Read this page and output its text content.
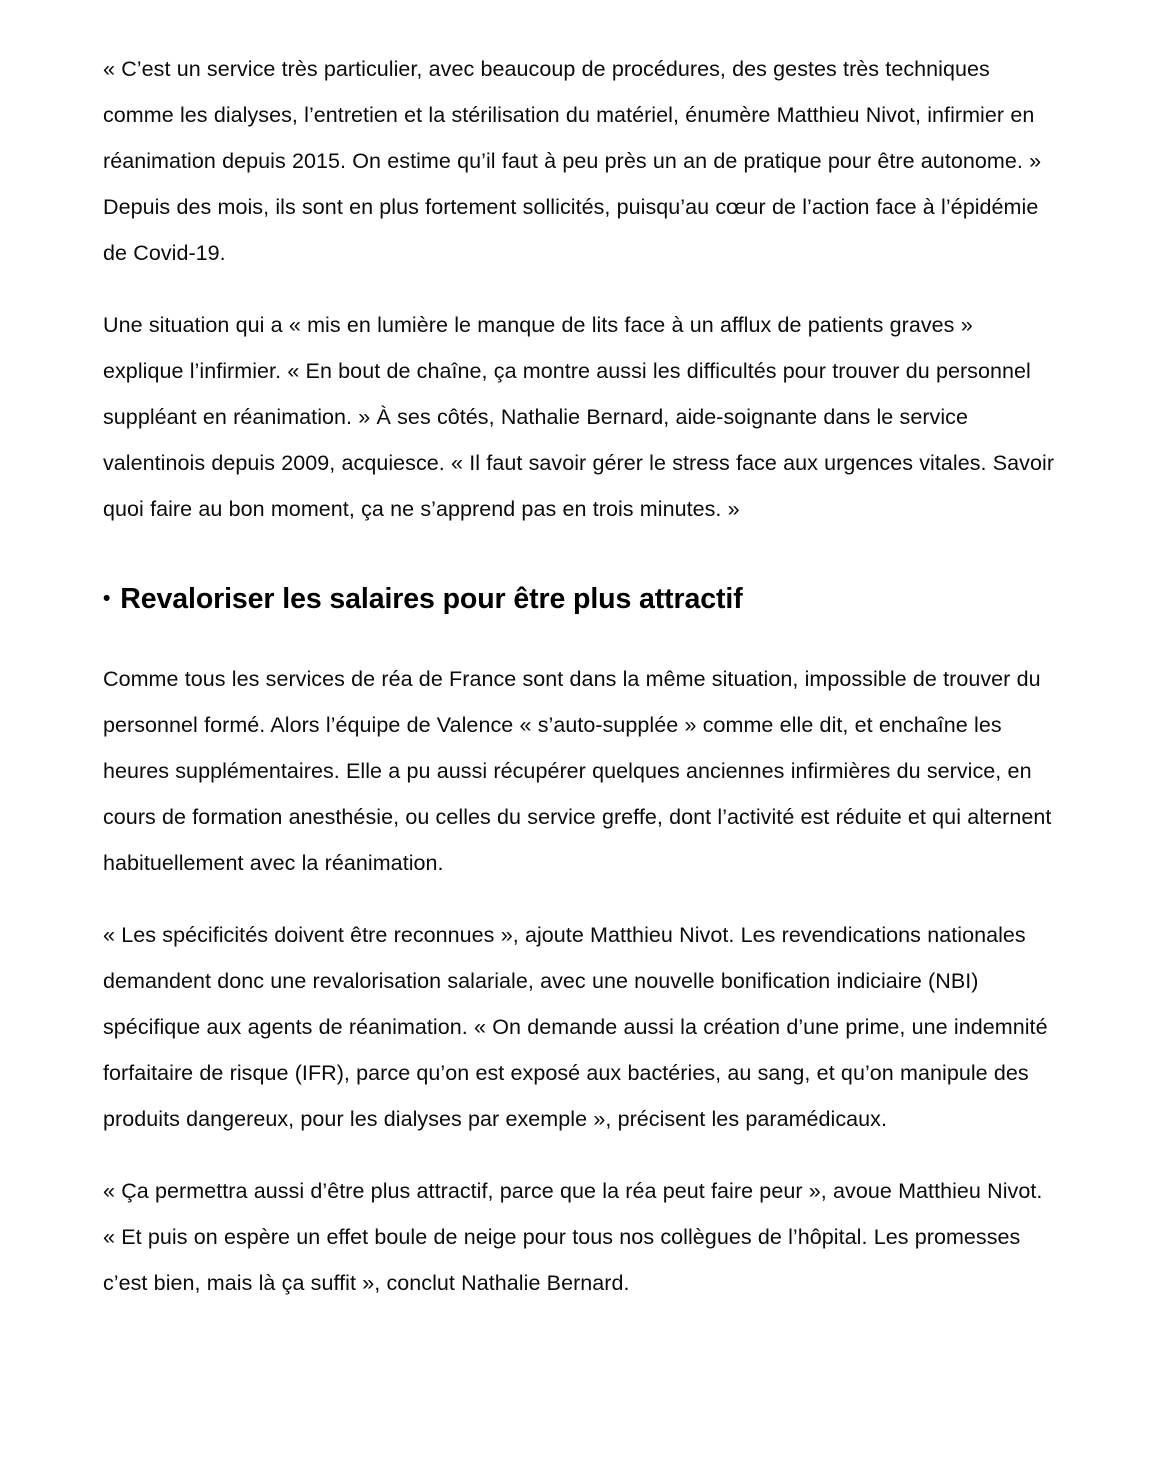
« C’est un service très particulier, avec beaucoup de procédures, des gestes très techniques comme les dialyses, l’entretien et la stérilisation du matériel, énumère Matthieu Nivot, infirmier en réanimation depuis 2015. On estime qu’il faut à peu près un an de pratique pour être autonome. » Depuis des mois, ils sont en plus fortement sollicités, puisqu’au cœur de l’action face à l’épidémie de Covid-19.

Une situation qui a « mis en lumière le manque de lits face à un afflux de patients graves » explique l’infirmier. « En bout de chaîne, ça montre aussi les difficultés pour trouver du personnel suppléant en réanimation. » À ses côtés, Nathalie Bernard, aide-soignante dans le service valentinois depuis 2009, acquiesce. « Il faut savoir gérer le stress face aux urgences vitales. Savoir quoi faire au bon moment, ça ne s’apprend pas en trois minutes. »

• Revaloriser les salaires pour être plus attractif

Comme tous les services de réa de France sont dans la même situation, impossible de trouver du personnel formé. Alors l’équipe de Valence « s’auto-supplée » comme elle dit, et enchaîne les heures supplémentaires. Elle a pu aussi récupérer quelques anciennes infirmières du service, en cours de formation anesthésie, ou celles du service greffe, dont l’activité est réduite et qui alternent habituellement avec la réanimation.

« Les spécificités doivent être reconnues », ajoute Matthieu Nivot. Les revendications nationales demandent donc une revalorisation salariale, avec une nouvelle bonification indiciaire (NBI) spécifique aux agents de réanimation. « On demande aussi la création d’une prime, une indemnité forfaitaire de risque (IFR), parce qu’on est exposé aux bactéries, au sang, et qu’on manipule des produits dangereux, pour les dialyses par exemple », précisent les paramédicaux.

« Ça permettra aussi d’être plus attractif, parce que la réa peut faire peur », avoue Matthieu Nivot. « Et puis on espère un effet boule de neige pour tous nos collègues de l’hôpital. Les promesses c’est bien, mais là ça suffit », conclut Nathalie Bernard.
